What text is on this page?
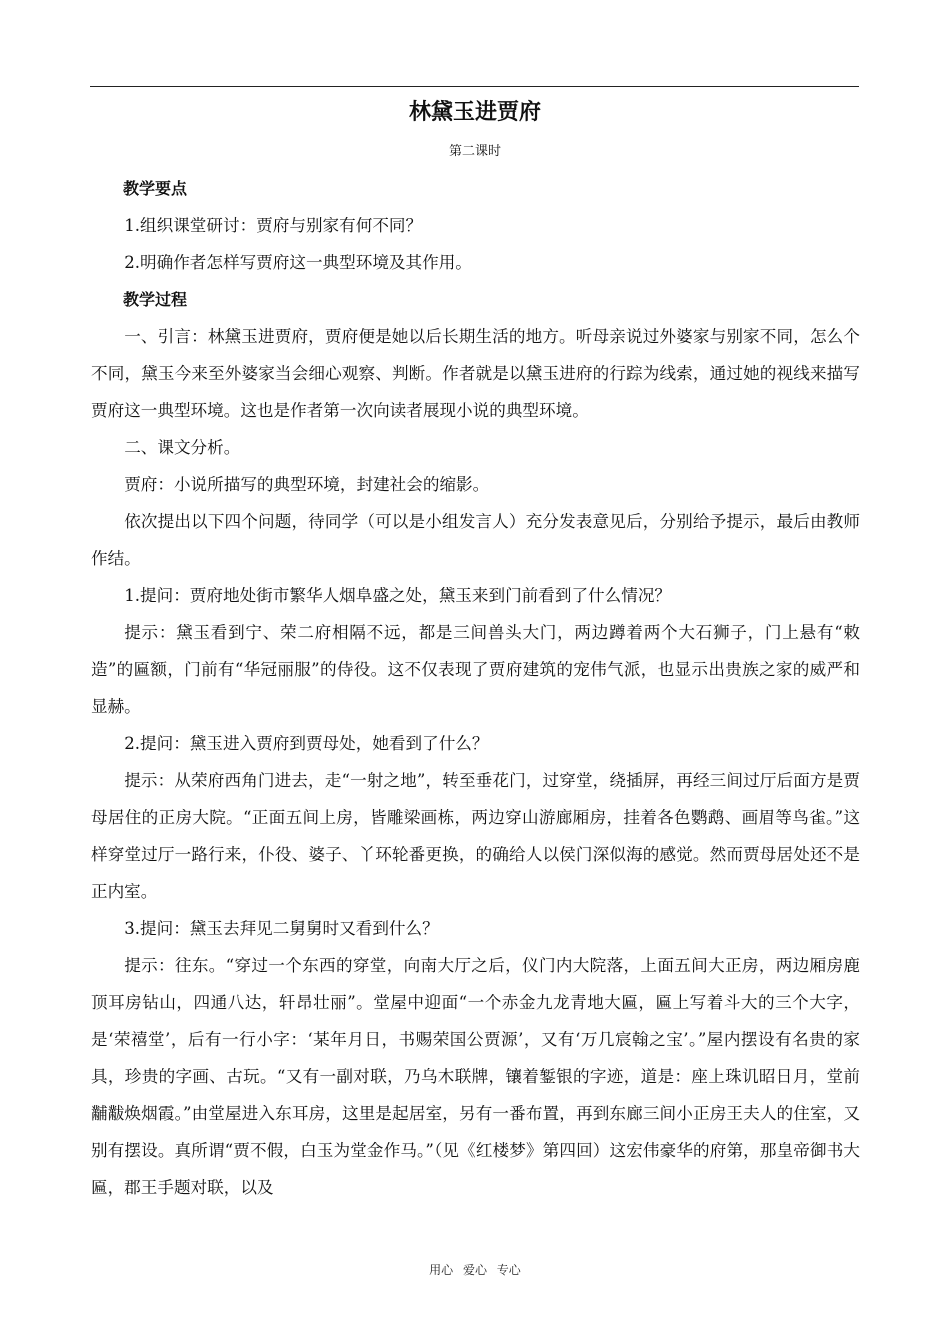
林黛玉进贾府
第二课时

教学要点

1.组织课堂研讨：贾府与别家有何不同？

2.明确作者怎样写贾府这一典型环境及其作用。

教学过程

一、引言：林黛玉进贾府，贾府便是她以后长期生活的地方。听母亲说过外婆家与别家不同，怎么个不同，黛玉今来至外婆家当会细心观察、判断。作者就是以黛玉进府的行踪为线索，通过她的视线来描写贾府这一典型环境。这也是作者第一次向读者展现小说的典型环境。

二、课文分析。

贾府：小说所描写的典型环境，封建社会的缩影。

依次提出以下四个问题，待同学（可以是小组发言人）充分发表意见后，分别给予提示，最后由教师作结。

1.提问：贾府地处街市繁华人烟阜盛之处，黛玉来到门前看到了什么情况？

提示：黛玉看到宁、荣二府相隔不远，都是三间兽头大门，两边蹲着两个大石狮子，门上悬有“敕造”的匾额，门前有“华冠丽服”的侍役。这不仅表现了贾府建筑的宠伟气派，也显示出贵族之家的威严和显赫。

2.提问：黛玉进入贾府到贾母处，她看到了什么？

提示：从荣府西角门进去，走“一射之地”，转至垂花门，过穿堂，绕插屏，再经三间过厅后面方是贾母居住的正房大院。“正面五间上房，皆雕梁画栋，两边穿山游廊厢房，挂着各色鹦鹉、画眉等鸟雀。”这样穿堂过厅一路行来，仆役、婆子、丫环轮番更换，的确给人以侯门深似海的感觉。然而贾母居处还不是正内室。

3.提问：黛玉去拜见二舅舅时又看到什么？

提示：往东。“穿过一个东西的穿堂，向南大厅之后，仪门内大院落，上面五间大正房，两边厢房鹿顶耳房钻山，四通八达，轩昂壮丽”。堂屋中迎面“一个赤金九龙青地大匾，匾上写着斗大的三个大字，是‘荣禧堂’，后有一行小字：‘某年月日，书赐荣国公贾源’，又有‘万几宸翰之宝’。”屋内摆设有名贵的家具，珍贵的字画、古玩。“又有一副对联，乃乌木联牌，镶着錾银的字迹，道是：座上珠讥昭日月，堂前黼黻焕烟霞。”由堂屋进入东耳房，这里是起居室，另有一番布置，再到东廊三间小正房王夫人的住室，又别有摆设。真所谓“贾不假，白玉为堂金作马。”（见《红楼梦》第四回）这宏伟豪华的府第，那皇帝御书大匾，郡王手题对联，以及

用心 爱心 专心
